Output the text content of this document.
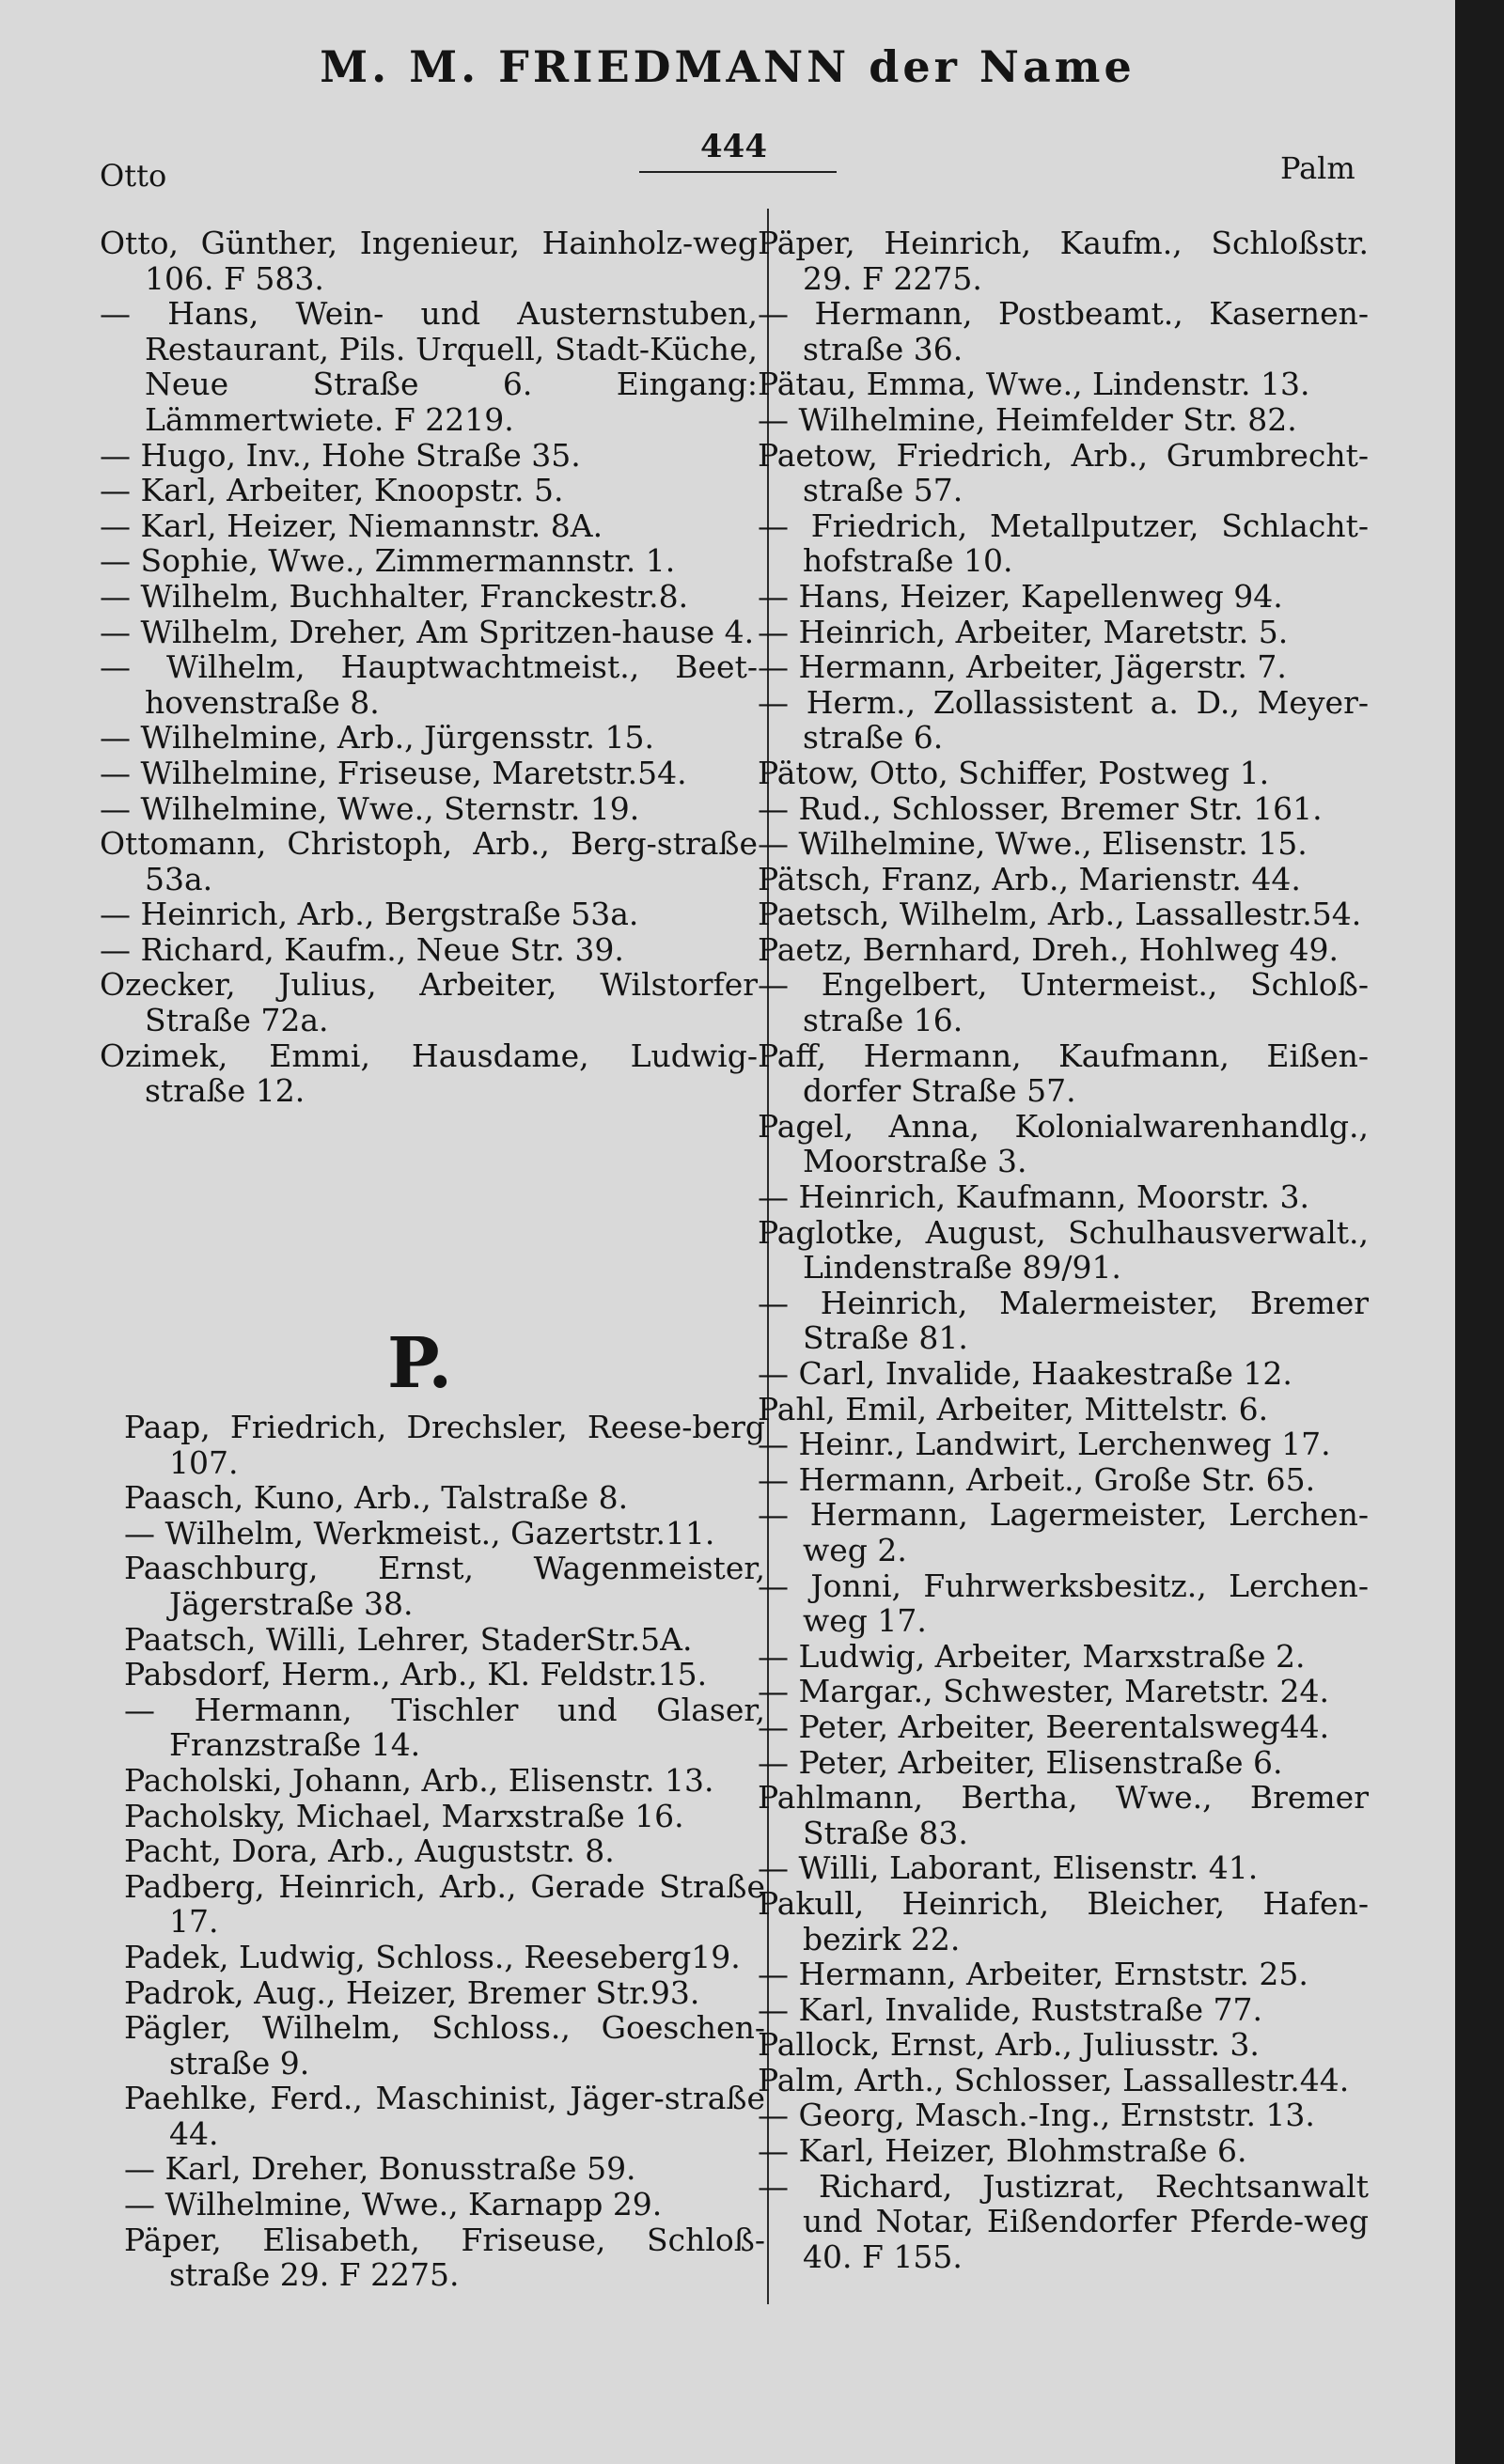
M. M. FRIEDMANN der Name
Otto
444
Palm
Otto, Günther, Ingenieur, Hainholz-weg 106. F 583.
— Hans, Wein- und Austernstuben, Restaurant, Pils. Urquell, Stadt-Küche, Neue Straße 6. Eingang: Lämmertwiete. F 2219.
— Hugo, Inv., Hohe Straße 35.
— Karl, Arbeiter, Knoopstr. 5.
— Karl, Heizer, Niemannstr. 8A.
— Sophie, Wwe., Zimmermannstr. 1.
— Wilhelm, Buchhalter, Franckestr.8.
— Wilhelm, Dreher, Am Spritzen-hause 4.
— Wilhelm, Hauptwachtmeist., Beet-hovenstraße 8.
— Wilhelmine, Arb., Jürgensstr. 15.
— Wilhelmine, Friseuse, Maretstr.54.
— Wilhelmine, Wwe., Sternstr. 19.
Ottomann, Christoph, Arb., Berg-straße 53a.
— Heinrich, Arb., Bergstraße 53a.
— Richard, Kaufm., Neue Str. 39.
Ozecker, Julius, Arbeiter, Wilstorfer Straße 72a.
Ozimek, Emmi, Hausdame, Ludwig-straße 12.
P.
Paap, Friedrich, Drechsler, Reese-berg 107.
Paasch, Kuno, Arb., Talstraße 8.
— Wilhelm, Werkmeist., Gazertstr.11.
Paaschburg, Ernst, Wagenmeister, Jägerstraße 38.
Paatsch, Willi, Lehrer, StaderStr.5A.
Pabsdorf, Herm., Arb., Kl. Feldstr.15.
— Hermann, Tischler und Glaser, Franzstraße 14.
Pacholski, Johann, Arb., Elisenstr. 13.
Pacholsky, Michael, Marxstraße 16.
Pacht, Dora, Arb., Auguststr. 8.
Padberg, Heinrich, Arb., Gerade Straße 17.
Padek, Ludwig, Schloss., Reeseberg19.
Padrok, Aug., Heizer, Bremer Str.93.
Pägler, Wilhelm, Schloss., Goeschen-straße 9.
Paehlke, Ferd., Maschinist, Jäger-straße 44.
— Karl, Dreher, Bonusstraße 59.
— Wilhelmine, Wwe., Karnapp 29.
Päper, Elisabeth, Friseuse, Schloß-straße 29. F 2275.
Päper, Heinrich, Kaufm., Schloßstr. 29. F 2275.
— Hermann, Postbeamt., Kasernen-straße 36.
Pätau, Emma, Wwe., Lindenstr. 13.
— Wilhelmine, Heimfelder Str. 82.
Paetow, Friedrich, Arb., Grumbrecht-straße 57.
— Friedrich, Metallputzer, Schlacht-hofstraße 10.
— Hans, Heizer, Kapellenweg 94.
— Heinrich, Arbeiter, Maretstr. 5.
— Hermann, Arbeiter, Jägerstr. 7.
— Herm., Zollassistent a. D., Meyer-straße 6.
Pätow, Otto, Schiffer, Postweg 1.
— Rud., Schlosser, Bremer Str. 161.
— Wilhelmine, Wwe., Elisenstr. 15.
Pätsch, Franz, Arb., Marienstr. 44.
Paetsch, Wilhelm, Arb., Lassallestr.54.
Paetz, Bernhard, Dreh., Hohlweg 49.
— Engelbert, Untermeist., Schloß-straße 16.
Paff, Hermann, Kaufmann, Eißen-dorfer Straße 57.
Pagel, Anna, Kolonialwarenhandlg., Moorstraße 3.
— Heinrich, Kaufmann, Moorstr. 3.
Paglotke, August, Schulhausverwalt., Lindenstraße 89/91.
— Heinrich, Malermeister, Bremer Straße 81.
— Carl, Invalide, Haakestraße 12.
Pahl, Emil, Arbeiter, Mittelstr. 6.
— Heinr., Landwirt, Lerchenweg 17.
— Hermann, Arbeit., Große Str. 65.
— Hermann, Lagermeister, Lerchen-weg 2.
— Jonni, Fuhrwerksbesitz., Lerchen-weg 17.
— Ludwig, Arbeiter, Marxstraße 2.
— Margar., Schwester, Maretstr. 24.
— Peter, Arbeiter, Beerentalsweg44.
— Peter, Arbeiter, Elisenstraße 6.
Pahlmann, Bertha, Wwe., Bremer Straße 83.
— Willi, Laborant, Elisenstr. 41.
Pakull, Heinrich, Bleicher, Hafen-bezirk 22.
— Hermann, Arbeiter, Ernststr. 25.
— Karl, Invalide, Ruststraße 77.
Pallock, Ernst, Arb., Juliusstr. 3.
Palm, Arth., Schlosser, Lassallestr.44.
— Georg, Masch.-Ing., Ernststr. 13.
— Karl, Heizer, Blohmstraße 6.
— Richard, Justizrat, Rechtsanwalt und Notar, Eißendorfer Pferde-weg 40. F 155.
